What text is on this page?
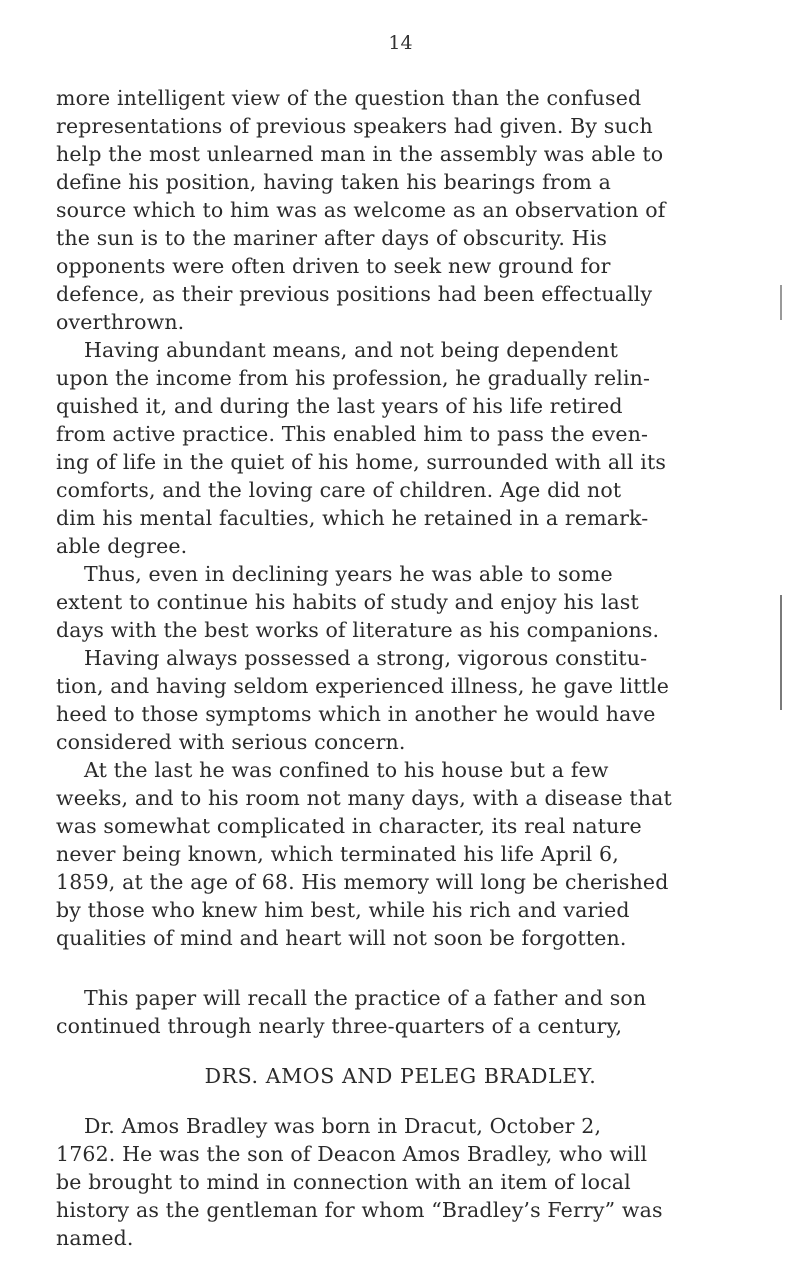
14
more intelligent view of the question than the confused
representations of previous speakers had given. By such
help the most unlearned man in the assembly was able to
define his position, having taken his bearings from a
source which to him was as welcome as an observation of
the sun is to the mariner after days of obscurity. His
opponents were often driven to seek new ground for
defence, as their previous positions had been effectually
overthrown.
Having abundant means, and not being dependent
upon the income from his profession, he gradually relin-
quished it, and during the last years of his life retired
from active practice. This enabled him to pass the even-
ing of life in the quiet of his home, surrounded with all its
comforts, and the loving care of children. Age did not
dim his mental faculties, which he retained in a remark-
able degree.
Thus, even in declining years he was able to some
extent to continue his habits of study and enjoy his last
days with the best works of literature as his companions.
Having always possessed a strong, vigorous constitu-
tion, and having seldom experienced illness, he gave little
heed to those symptoms which in another he would have
considered with serious concern.
At the last he was confined to his house but a few
weeks, and to his room not many days, with a disease that
was somewhat complicated in character, its real nature
never being known, which terminated his life April 6,
1859, at the age of 68. His memory will long be cherished
by those who knew him best, while his rich and varied
qualities of mind and heart will not soon be forgotten.
This paper will recall the practice of a father and son
continued through nearly three-quarters of a century,
DRS. AMOS AND PELEG BRADLEY.
Dr. Amos Bradley was born in Dracut, October 2,
1762. He was the son of Deacon Amos Bradley, who will
be brought to mind in connection with an item of local
history as the gentleman for whom “Bradley’s Ferry” was
named.
